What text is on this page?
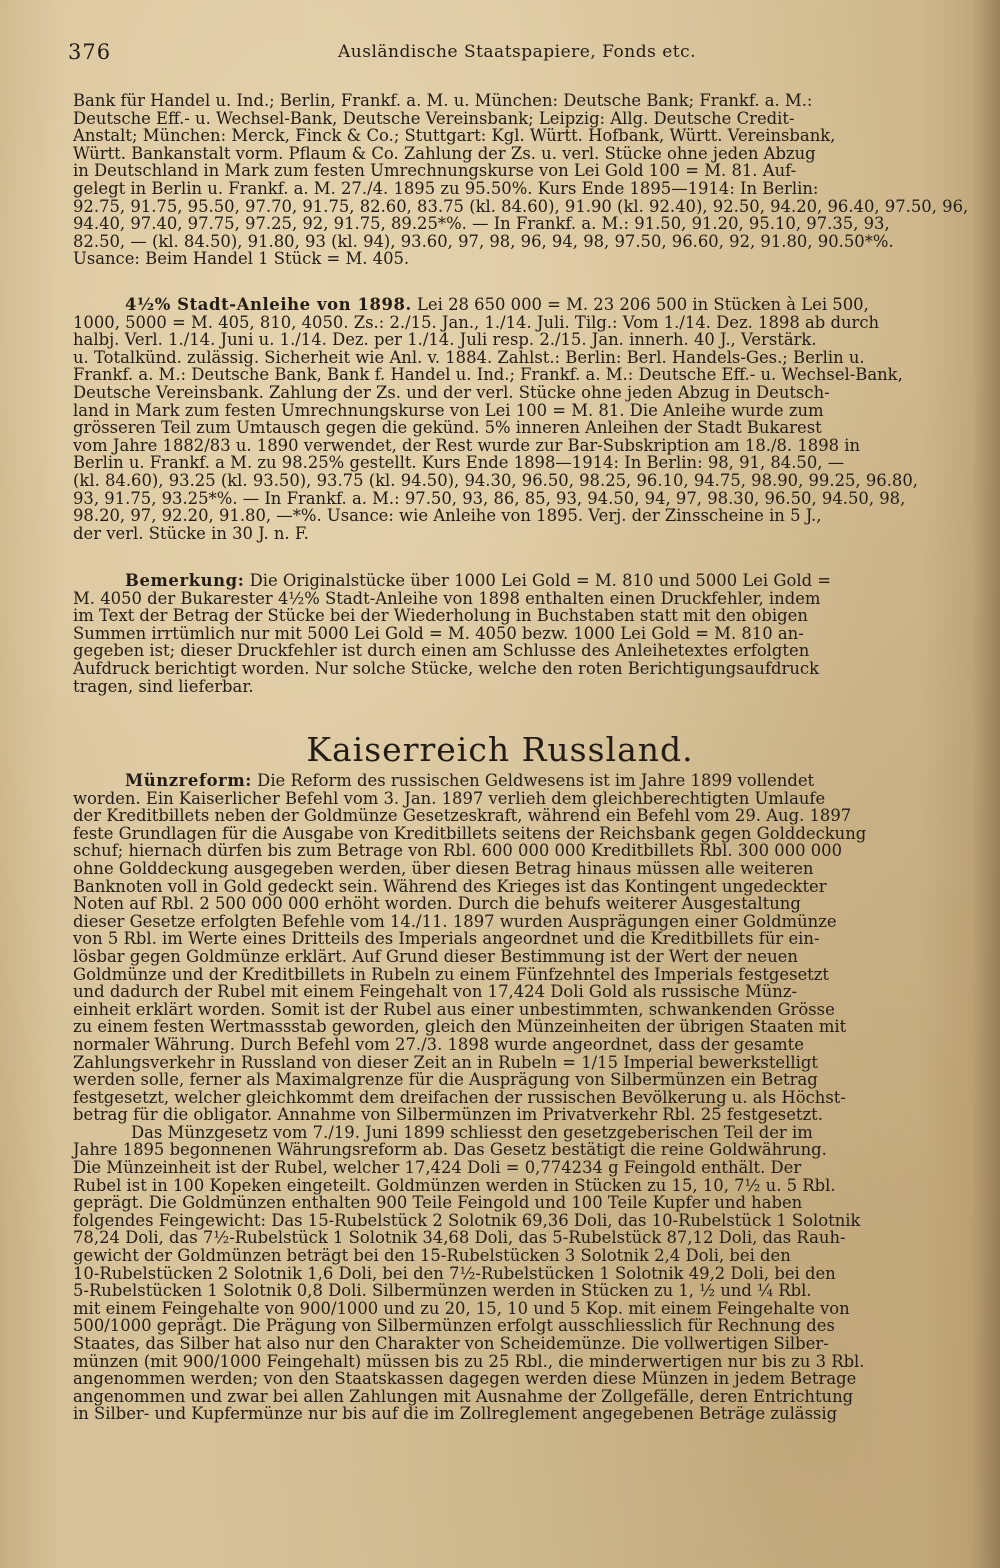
376	Ausländische Staatspapiere, Fonds etc.
Bank für Handel u. Ind.; Berlin, Frankf. a. M. u. München: Deutsche Bank; Frankf. a. M.:
Deutsche Eff.- u. Wechsel-Bank, Deutsche Vereinsbank; Leipzig: Allg. Deutsche Credit-
Anstalt; München: Merck, Finck & Co.; Stuttgart: Kgl. Württ. Hofbank, Württ. Vereinsbank,
Württ. Bankanstalt vorm. Pflaum & Co. Zahlung der Zs. u. verl. Stücke ohne jeden Abzug
in Deutschland in Mark zum festen Umrechnungskurse von Lei Gold 100 = M. 81. Auf-
gelegt in Berlin u. Frankf. a. M. 27./4. 1895 zu 95.50%. Kurs Ende 1895—1914: In Berlin:
92.75, 91.75, 95.50, 97.70, 91.75, 82.60, 83.75 (kl. 84.60), 91.90 (kl. 92.40), 92.50, 94.20, 96.40, 97.50, 96,
94.40, 97.40, 97.75, 97.25, 92, 91.75, 89.25*%. — In Frankf. a. M.: 91.50, 91.20, 95.10, 97.35, 93,
82.50, — (kl. 84.50), 91.80, 93 (kl. 94), 93.60, 97, 98, 96, 94, 98, 97.50, 96.60, 92, 91.80, 90.50*%.
Usance: Beim Handel 1 Stück = M. 405.
4½% Stadt-Anleihe von 1898. Lei 28 650 000 = M. 23 206 500 in Stücken à Lei 500,
1000, 5000 = M. 405, 810, 4050. Zs.: 2./15. Jan., 1./14. Juli. Tilg.: Vom 1./14. Dez. 1898 ab durch
halbj. Verl. 1./14. Juni u. 1./14. Dez. per 1./14. Juli resp. 2./15. Jan. innerh. 40 J., Verstärk.
u. Totalkünd. zulässig. Sicherheit wie Anl. v. 1884. Zahlst.: Berlin: Berl. Handels-Ges.; Berlin u.
Frankf. a. M.: Deutsche Bank, Bank f. Handel u. Ind.; Frankf. a. M.: Deutsche Eff.- u. Wechsel-Bank,
Deutsche Vereinsbank. Zahlung der Zs. und der verl. Stücke ohne jeden Abzug in Deutsch-
land in Mark zum festen Umrechnungskurse von Lei 100 = M. 81. Die Anleihe wurde zum
grösseren Teil zum Umtausch gegen die gekünd. 5% inneren Anleihen der Stadt Bukarest
vom Jahre 1882/83 u. 1890 verwendet, der Rest wurde zur Bar-Subskription am 18./8. 1898 in
Berlin u. Frankf. a M. zu 98.25% gestellt. Kurs Ende 1898—1914: In Berlin: 98, 91, 84.50, —
(kl. 84.60), 93.25 (kl. 93.50), 93.75 (kl. 94.50), 94.30, 96.50, 98.25, 96.10, 94.75, 98.90, 99.25, 96.80,
93, 91.75, 93.25*%. — In Frankf. a. M.: 97.50, 93, 86, 85, 93, 94.50, 94, 97, 98.30, 96.50, 94.50, 98,
98.20, 97, 92.20, 91.80, —*%. Usance: wie Anleihe von 1895. Verj. der Zinsscheine in 5 J.,
der verl. Stücke in 30 J. n. F.
Bemerkung: Die Originalstücke über 1000 Lei Gold = M. 810 und 5000 Lei Gold =
M. 4050 der Bukarester 4½% Stadt-Anleihe von 1898 enthalten einen Druckfehler, indem
im Text der Betrag der Stücke bei der Wiederholung in Buchstaben statt mit den obigen
Summen irrtümlich nur mit 5000 Lei Gold = M. 4050 bezw. 1000 Lei Gold = M. 810 an-
gegeben ist; dieser Druckfehler ist durch einen am Schlusse des Anleihetextes erfolgten
Aufdruck berichtigt worden. Nur solche Stücke, welche den roten Berichtigungsaufdruck
tragen, sind lieferbar.
Kaiserreich Russland.
Münzreform: Die Reform des russischen Geldwesens ist im Jahre 1899 vollendet
worden. Ein Kaiserlicher Befehl vom 3. Jan. 1897 verlieh dem gleichberechtigten Umlaufe
der Kreditbillets neben der Goldmünze Gesetzeskraft, während ein Befehl vom 29. Aug. 1897
feste Grundlagen für die Ausgabe von Kreditbillets seitens der Reichsbank gegen Golddeckung
schuf; hiernach dürfen bis zum Betrage von Rbl. 600 000 000 Kreditbillets Rbl. 300 000 000
ohne Golddeckung ausgegeben werden, über diesen Betrag hinaus müssen alle weiteren
Banknoten voll in Gold gedeckt sein. Während des Krieges ist das Kontingent ungedeckter
Noten auf Rbl. 2 500 000 000 erhöht worden. Durch die behufs weiterer Ausgestaltung
dieser Gesetze erfolgten Befehle vom 14./11. 1897 wurden Ausprägungen einer Goldmünze
von 5 Rbl. im Werte eines Dritteils des Imperials angeordnet und die Kreditbillets für ein-
lösbar gegen Goldmünze erklärt. Auf Grund dieser Bestimmung ist der Wert der neuen
Goldmünze und der Kreditbillets in Rubeln zu einem Fünfzehntel des Imperials festgesetzt
und dadurch der Rubel mit einem Feingehalt von 17,424 Doli Gold als russische Münz-
einheit erklärt worden. Somit ist der Rubel aus einer unbestimmten, schwankenden Grösse
zu einem festen Wertmassstab geworden, gleich den Münzeinheiten der übrigen Staaten mit
normaler Währung. Durch Befehl vom 27./3. 1898 wurde angeordnet, dass der gesamte
Zahlungsverkehr in Russland von dieser Zeit an in Rubeln = 1/15 Imperial bewerkstelligt
werden solle, ferner als Maximalgrenze für die Ausprägung von Silbermünzen ein Betrag
festgesetzt, welcher gleichkommt dem dreifachen der russischen Bevölkerung u. als Höchst-
betrag für die obligator. Annahme von Silbermünzen im Privatverkehr Rbl. 25 festgesetzt.
Das Münzgesetz vom 7./19. Juni 1899 schliesst den gesetzgeberischen Teil der im
Jahre 1895 begonnenen Währungsreform ab. Das Gesetz bestätigt die reine Goldwährung.
Die Münzeinheit ist der Rubel, welcher 17,424 Doli = 0,774234 g Feingold enthält. Der
Rubel ist in 100 Kopeken eingeteilt. Goldmünzen werden in Stücken zu 15, 10, 7½ u. 5 Rbl.
geprägt. Die Goldmünzen enthalten 900 Teile Feingold und 100 Teile Kupfer und haben
folgendes Feingewicht: Das 15-Rubelstück 2 Solotnik 69,36 Doli, das 10-Rubelstück 1 Solotnik
78,24 Doli, das 7½-Rubelstück 1 Solotnik 34,68 Doli, das 5-Rubelstück 87,12 Doli, das Rauh-
gewicht der Goldmünzen beträgt bei den 15-Rubelstücken 3 Solotnik 2,4 Doli, bei den
10-Rubelstücken 2 Solotnik 1,6 Doli, bei den 7½-Rubelstücken 1 Solotnik 49,2 Doli, bei den
5-Rubelstücken 1 Solotnik 0,8 Doli. Silbermünzen werden in Stücken zu 1, ½ und ¼ Rbl.
mit einem Feingehalte von 900/1000 und zu 20, 15, 10 und 5 Kop. mit einem Feingehalte von
500/1000 geprägt. Die Prägung von Silbermünzen erfolgt ausschliesslich für Rechnung des
Staates, das Silber hat also nur den Charakter von Scheidemünze. Die vollwertigen Silber-
münzen (mit 900/1000 Feingehalt) müssen bis zu 25 Rbl., die minderwertigen nur bis zu 3 Rbl.
angenommen werden; von den Staatskassen dagegen werden diese Münzen in jedem Betrage
angenommen und zwar bei allen Zahlungen mit Ausnahme der Zollgefälle, deren Entrichtung
in Silber- und Kupfermünze nur bis auf die im Zollreglement angegebenen Beträge zulässig
